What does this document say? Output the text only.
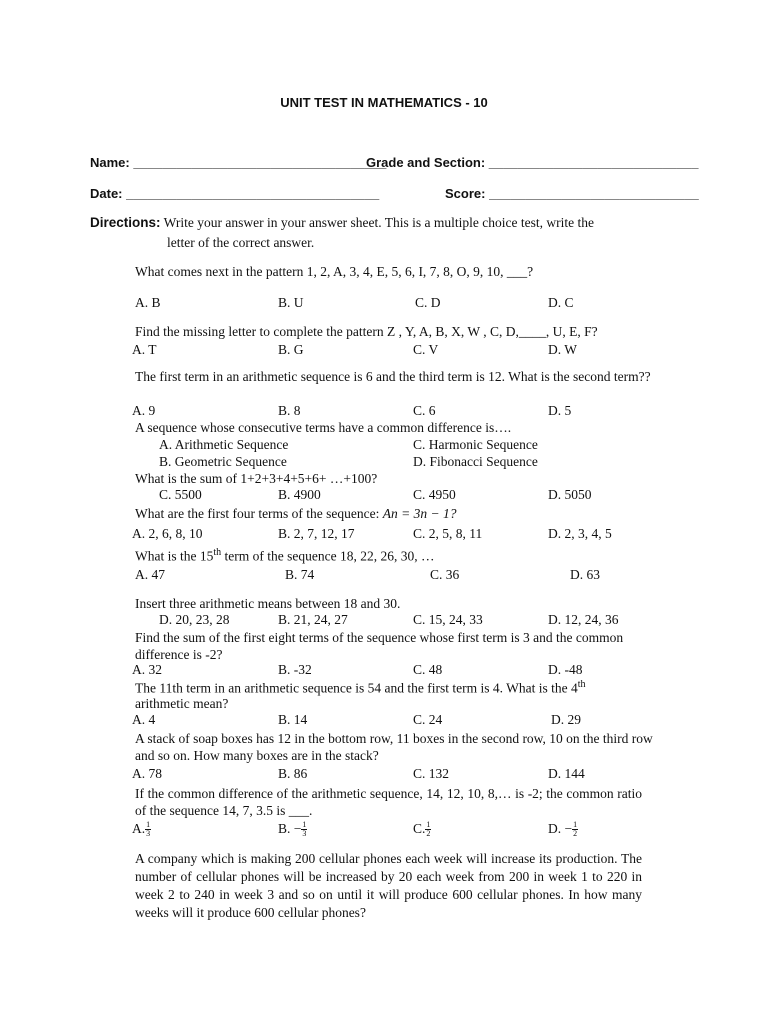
UNIT TEST IN MATHEMATICS - 10
Name: ___________________________________
Grade and Section: _____________________________
Date: ___________________________________	Score: _____________________________
Directions: Write your answer in your answer sheet. This is a multiple choice test, write the
letter of the correct answer.
What comes next in the pattern 1, 2, A, 3, 4, E, 5, 6, I, 7, 8, O, 9, 10, ___?
A. B	B. U	C. D	D. C
Find the missing letter to complete the pattern Z , Y, A, B, X, W , C, D,____, U, E, F?
A. T	B. G	C. V	D. W
The first term in an arithmetic sequence is 6 and the third term is 12. What is the second term??
A. 9	B. 8	C. 6	D. 5
A sequence whose consecutive terms have a common difference is….
A. Arithmetic Sequence	C. Harmonic Sequence
B. Geometric Sequence	D. Fibonacci Sequence
What is the sum of 1+2+3+4+5+6+ …+100?
C. 5500	B. 4900	C. 4950	D. 5050
What are the first four terms of the sequence: An = 3n − 1?
A. 2, 6, 8, 10	B. 2, 7, 12, 17	C. 2, 5, 8, 11	D. 2, 3, 4, 5
What is the 15th term of the sequence 18, 22, 26, 30, …
A. 47	B. 74	C. 36	D. 63
Insert three arithmetic means between 18 and 30.
D. 20, 23, 28	B. 21, 24, 27	C. 15, 24, 33	D. 12, 24, 36
Find the sum of the first eight terms of the sequence whose first term is 3 and the common difference is -2?
A. 32	B. -32	C. 48	D. -48
The 11th term in an arithmetic sequence is 54 and the first term is 4. What is the 4th
arithmetic mean?
A. 4	B. 14	C. 24	D. 29
A stack of soap boxes has 12 in the bottom row, 11 boxes in the second row, 10 on the third row and so on. How many boxes are in the stack?
A. 78	B. 86	C. 132	D. 144
If the common difference of the arithmetic sequence, 14, 12, 10, 8,… is -2; the common ratio of the sequence 14, 7, 3.5 is ___.
A. $\frac{1}{3}$	B. − $\frac{1}{3}$	C. $\frac{1}{2}$	D. − $\frac{1}{2}$
A company which is making 200 cellular phones each week will increase its production. The number of cellular phones will be increased by 20 each week from 200 in week 1 to 220 in week 2 to 240 in week 3 and so on until it will produce 600 cellular phones. In how many weeks will it produce 600 cellular phones?
